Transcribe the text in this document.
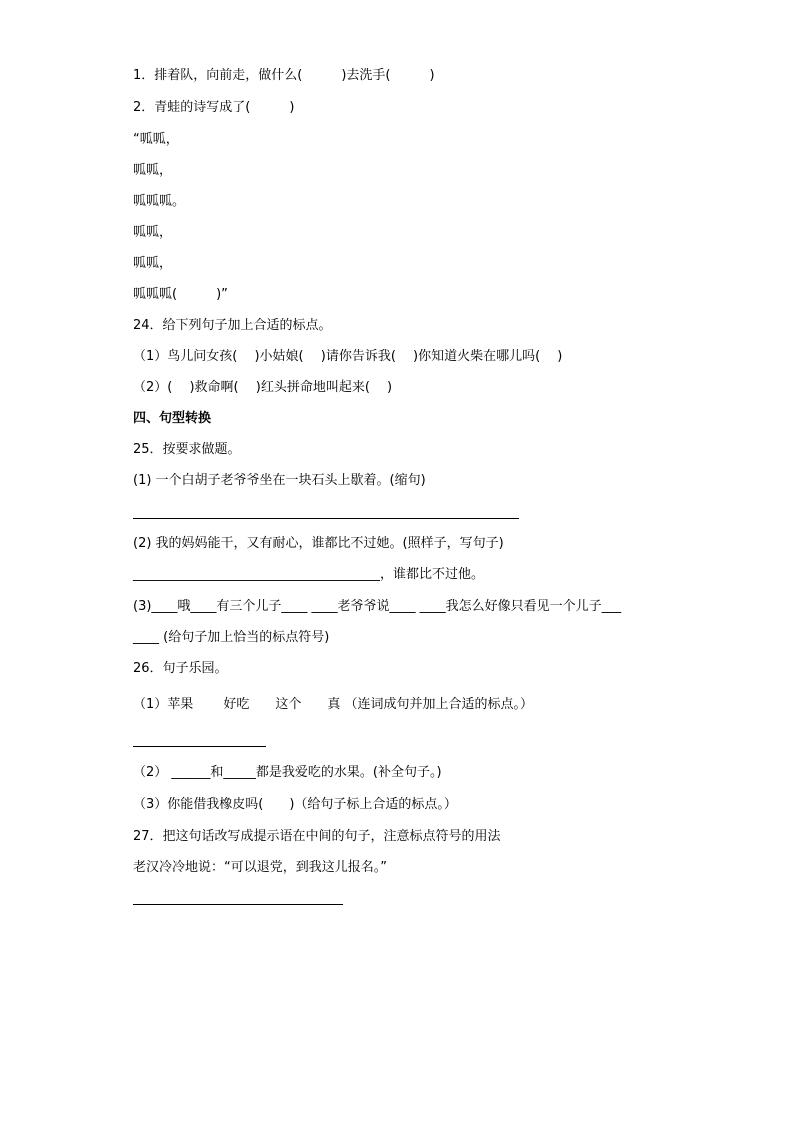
1．排着队，向前走，做什么(　　　)去洗手(　　　)
2．青蛙的诗写成了(　　　)
“呱呱，
呱呱，
呱呱呱。
呱呱，
呱呱，
呱呱呱(　　　)”
24．给下列句子加上合适的标点。
（1）鸟儿问女孩(　 )小姑娘(　 )请你告诉我(　 )你知道火柴在哪儿吗(　 )
（2）(　 )救命啊(　 )红头拼命地叫起来(　 )
四、句型转换
25．按要求做题。
(1) 一个白胡子老爷爷坐在一块石头上歇着。(缩句)
(2) 我的妈妈能干，又有耐心，谁都比不过她。(照样子，写句子)
______________________________________，谁都比不过他。
(3)____哦____有三个儿子____ ____老爷爷说____ ____我怎么好像只看见一个儿子___
____ (给句子加上恰当的标点符号)
26．句子乐园。
（1）苹果　　 好吃　　这个　　真 （连词成句并加上合适的标点。）
（2） ______和_____都是我爱吃的水果。(补全句子。)
（3）你能借我橡皮吗(　　)（给句子标上合适的标点。）
27．把这句话改写成提示语在中间的句子，注意标点符号的用法
老汉冷冷地说：“可以退党，到我这儿报名。”
